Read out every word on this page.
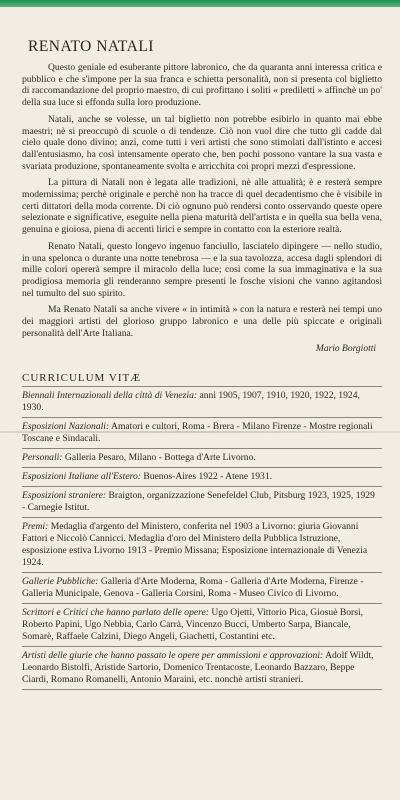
RENATO NATALI

Questo geniale ed esuberante pittore labronico, che da quaranta anni interessa critica e pubblico e che s'impone per la sua franca e schietta personalità, non si presenta col biglietto di raccomandazione del proprio maestro, di cui profittano i soliti « prediletti » affinchè un po' della sua luce si effonda sulla loro produzione.

Natali, anche se volesse, un tal biglietto non potrebbe esibirlo in quanto mai ebbe maestri; nè si preoccupò di scuole o di tendenze. Ciò non vuol dire che tutto gli cadde dal cielo quale dono divino; anzi, come tutti i veri artisti che sono stimolati dall'istinto e accesi dall'entusiasmo, ha così intensamente operato che, ben pochi possono vantare la sua vasta e svariata produzione, spontaneamente svolta e arricchita coi propri mezzi d'espressione.

La pittura di Natali non è legata alle tradizioni, nè alle attualità; è e resterà sempre modernissima; perchè originale e perchè non ha tracce di quel decadentismo che è visibile in certi dittatori della moda corrente. Di ciò ognuno può rendersi conto osservando queste opere selezionate e significative, eseguite nella piena maturità dell'artista e in quella sua bella vena, genuina e gioiosa, piena di accenti lirici e sempre in contatto con la esteriore realtà.

Renato Natali, questo longevo ingenuo fanciullo, lasciatelo dipingere — nello studio, in una spelonca o durante una notte tenebrosa — e la sua tavolozza, accesa dagli splendori di mille colori opererà sempre il miracolo della luce; così come la sua immaginativa e la sua prodigiosa memoria gli renderanno sempre presenti le fosche visioni che vanno agitandosi nel tumulto del suo spirito.

Ma Renato Natali sa anche vivere « in intimità » con la natura e resterà nei tempi uno dei maggiori artisti del glorioso gruppo labronico e una delle più spiccate e originali personalità dell'Arte Italiana.

Mario Borgiotti
CURRICULUM VITÆ
Biennali Internazionali della città di Venezia: anni 1905, 1907, 1910, 1920, 1922, 1924, 1930.
Esposizioni Nazionali: Amatori e cultori, Roma - Brera - Milano Firenze - Mostre regionali Toscane e Sindacali.
Personali: Galleria Pesaro, Milano - Bottega d'Arte Livorno.
Esposizioni Italiane all'Estero: Buenos-Aires 1922 - Atene 1931.
Esposizioni straniere: Braigton, organizzazione Senefeldel Club, Pitsburg 1923, 1925, 1929 - Carnegie Istitut.
Premi: Medaglia d'argento del Ministero, conferita nel 1903 a Livorno: giuria Giovanni Fattori e Niccolò Cannicci. Medaglia d'oro del Ministero della Pubblica Istruzione, esposizione estiva Livorno 1913 - Premio Missana; Esposizione internazionale di Venezia 1924.
Gallerie Pubbliche: Galleria d'Arte Moderna, Roma - Galleria d'Arte Moderna, Firenze - Galleria Municipale, Genova - Galleria Corsini, Roma - Museo Civico di Livorno.
Scrittori e Critici che hanno parlato delle opere: Ugo Ojetti, Vittorio Pica, Giosuè Borsi, Roberto Papini, Ugo Nebbia, Carlo Carrà, Vincenzo Bucci, Umberto Sarpa, Biancale, Somarè, Raffaele Calzini, Diego Angeli, Giachetti, Costantini etc.
Artisti delle giurie che hanno passato le opere per ammissioni e approvazioni: Adolf Wildt, Leonardo Bistolfi, Aristide Sartorio, Domenico Trentacoste, Leonardo Bazzaro, Beppe Ciardi, Romano Romanelli, Antonio Maraini, etc. nonchè artisti stranieri.
